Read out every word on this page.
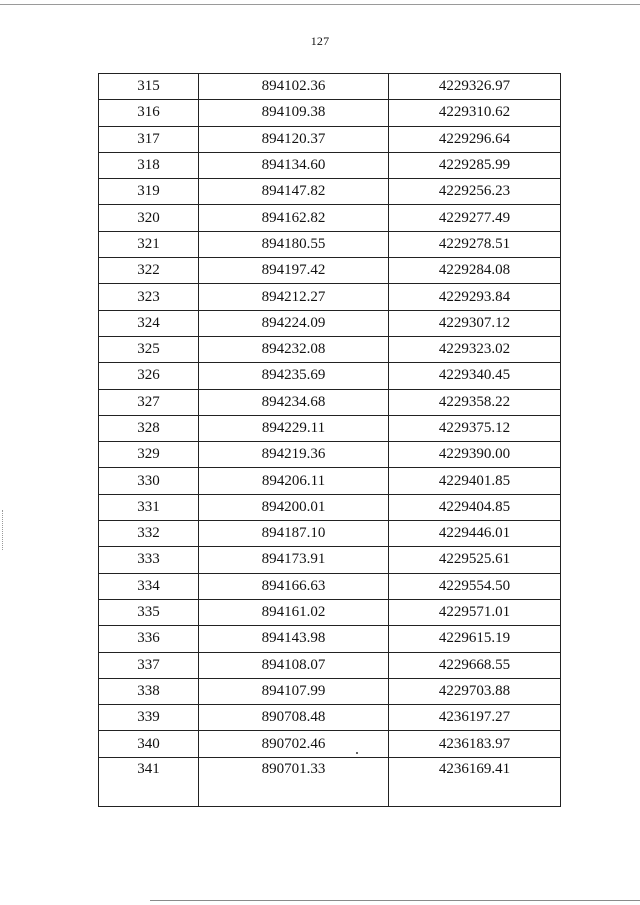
127
315	894102.36	4229326.97
316	894109.38	4229310.62
317	894120.37	4229296.64
318	894134.60	4229285.99
319	894147.82	4229256.23
320	894162.82	4229277.49
321	894180.55	4229278.51
322	894197.42	4229284.08
323	894212.27	4229293.84
324	894224.09	4229307.12
325	894232.08	4229323.02
326	894235.69	4229340.45
327	894234.68	4229358.22
328	894229.11	4229375.12
329	894219.36	4229390.00
330	894206.11	4229401.85
331	894200.01	4229404.85
332	894187.10	4229446.01
333	894173.91	4229525.61
334	894166.63	4229554.50
335	894161.02	4229571.01
336	894143.98	4229615.19
337	894108.07	4229668.55
338	894107.99	4229703.88
339	890708.48	4236197.27
340	890702.46	4236183.97
341	890701.33	4236169.41
